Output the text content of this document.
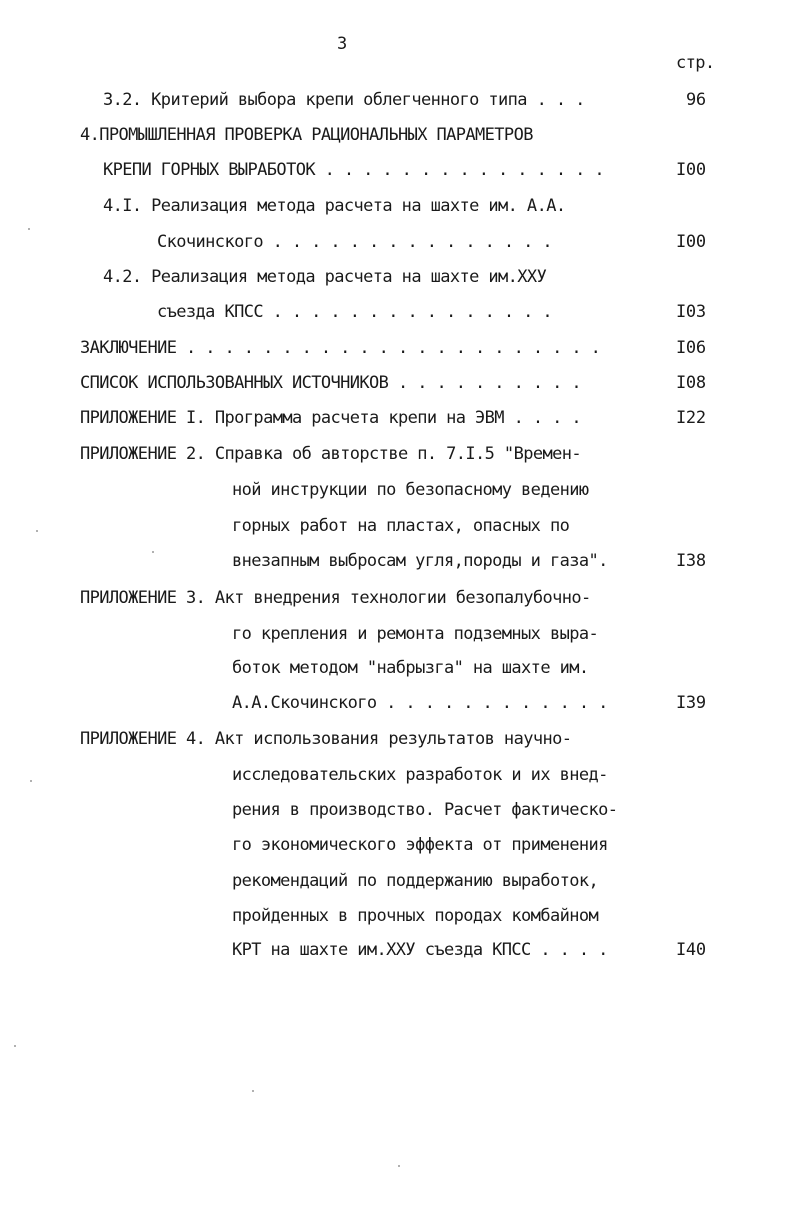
3
стр.
3.2. Критерий выбора крепи облегченного типа . . .	96
4.ПРОМЫШЛЕННАЯ ПРОВЕРКА РАЦИОНАЛЬНЫХ ПАРАМЕТРОВ
КРЕПИ ГОРНЫХ ВЫРАБОТОК . . . . . . . . . . . . . . .	I00
4.I. Реализация метода расчета на шахте им. А.А.
Скочинского . . . . . . . . . . . . . . .	I00
4.2. Реализация метода расчета на шахте им.ХХУ
съезда КПСС . . . . . . . . . . . . . . .	I03
ЗАКЛЮЧЕНИЕ . . . . . . . . . . . . . . . . . . . . . .	I06
СПИСОК ИСПОЛЬЗОВАННЫХ ИСТОЧНИКОВ . . . . . . . . . .	I08
ПРИЛОЖЕНИЕ I. Программа расчета крепи на ЭВМ . . . .	I22
ПРИЛОЖЕНИЕ 2. Справка об авторстве п. 7.I.5 "Времен-
ной инструкции по безопасному ведению
горных работ на пластах, опасных по
внезапным выбросам угля,породы и газа".	I38
ПРИЛОЖЕНИЕ 3. Акт внедрения технологии безопалубочно-
го крепления и ремонта подземных выра-
боток методом "набрызга" на шахте им.
А.А.Скочинского . . . . . . . . . . . .	I39
ПРИЛОЖЕНИЕ 4. Акт использования результатов научно-
исследовательских разработок и их внед-
рения в производство. Расчет фактическо-
го экономического эффекта от применения
рекомендаций по поддержанию выработок,
пройденных в прочных породах комбайном
КРТ на шахте им.ХХУ съезда КПСС . . . .	I40
